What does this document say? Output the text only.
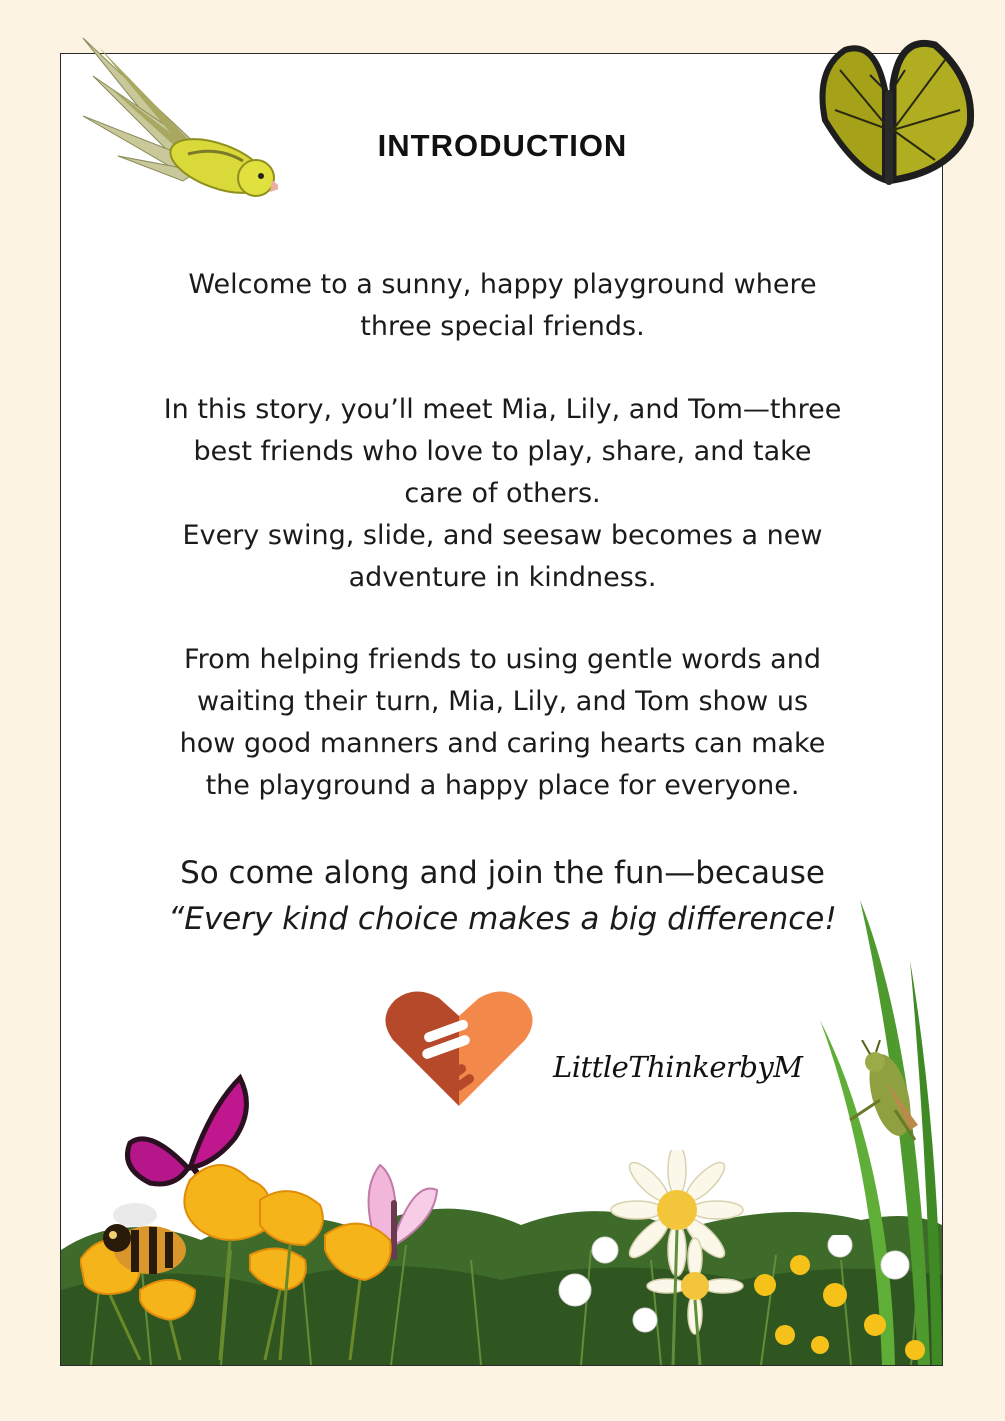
INTRODUCTION
Welcome to a sunny, happy playground where
three special friends.
In this story, you’ll meet Mia, Lily, and Tom—three
best friends who love to play, share, and take
care of others.
Every swing, slide, and seesaw becomes a new
adventure in kindness.
From helping friends to using gentle words and
waiting their turn, Mia, Lily, and Tom show us
how good manners and caring hearts can make
the playground a happy place for everyone.
So come along and join the fun—because
“Every kind choice makes a big difference!
LittleThinkerbyM
